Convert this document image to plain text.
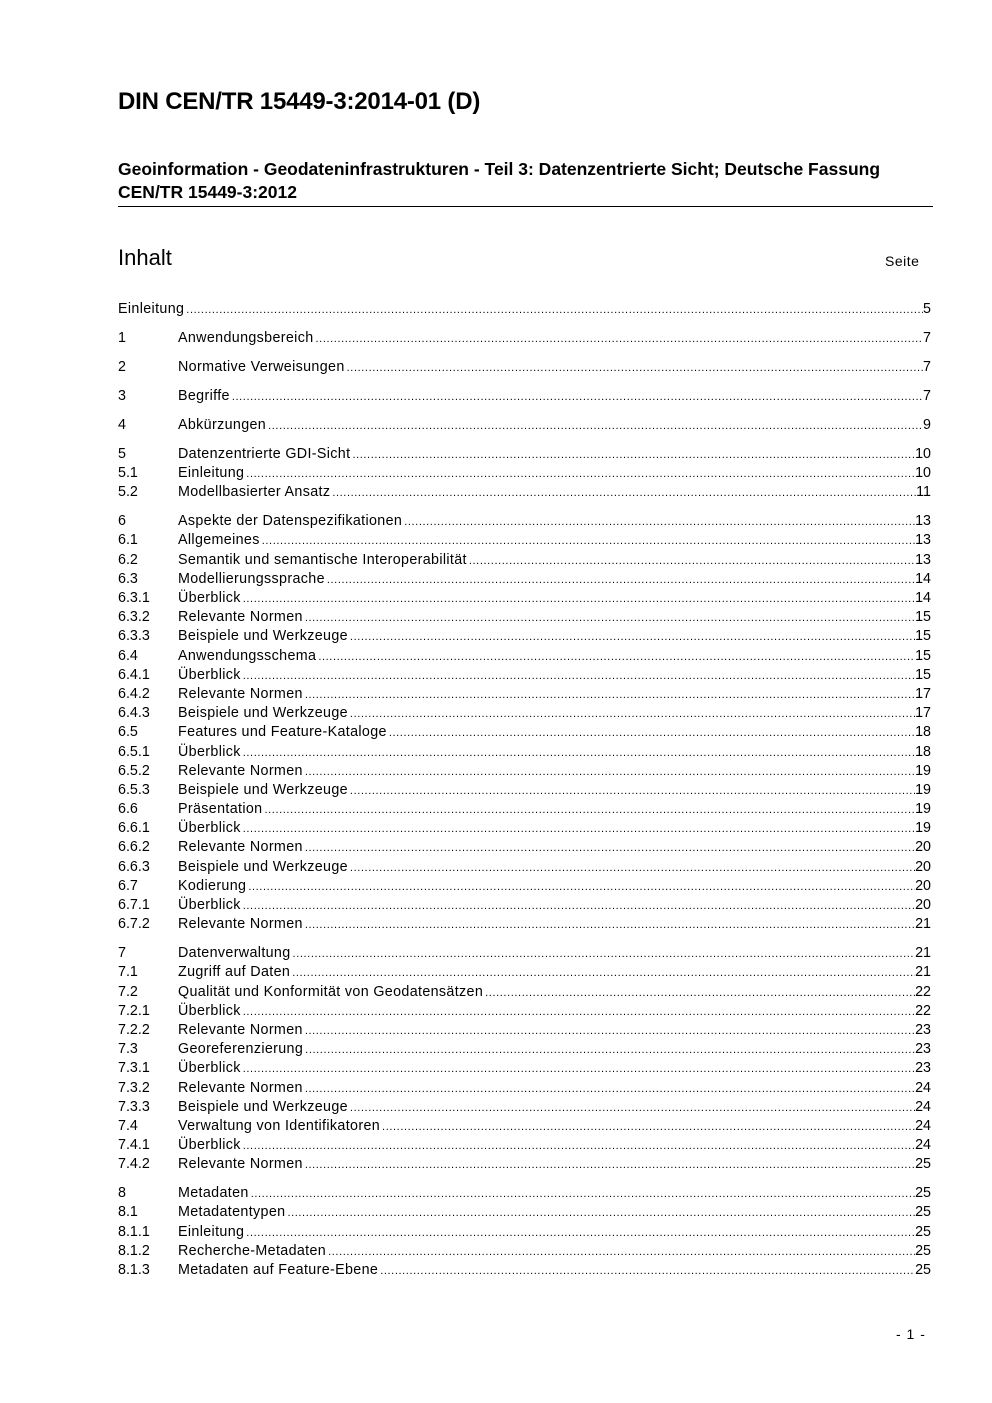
DIN CEN/TR 15449-3:2014-01 (D)
Geoinformation - Geodateninfrastrukturen - Teil 3: Datenzentrierte Sicht; Deutsche Fassung CEN/TR 15449-3:2012
Inhalt	Seite
Einleitung .....	5
1	Anwendungsbereich .....	7
2	Normative Verweisungen .....	7
3	Begriffe .....	7
4	Abkürzungen .....	9
5	Datenzentrierte GDI-Sicht .....	10
5.1	Einleitung .....	10
5.2	Modellbasierter Ansatz .....	11
6	Aspekte der Datenspezifikationen .....	13
6.1	Allgemeines .....	13
6.2	Semantik und semantische Interoperabilität .....	13
6.3	Modellierungssprache .....	14
6.3.1	Überblick .....	14
6.3.2	Relevante Normen .....	15
6.3.3	Beispiele und Werkzeuge .....	15
6.4	Anwendungsschema .....	15
6.4.1	Überblick .....	15
6.4.2	Relevante Normen .....	17
6.4.3	Beispiele und Werkzeuge .....	17
6.5	Features und Feature-Kataloge .....	18
6.5.1	Überblick .....	18
6.5.2	Relevante Normen .....	19
6.5.3	Beispiele und Werkzeuge .....	19
6.6	Präsentation .....	19
6.6.1	Überblick .....	19
6.6.2	Relevante Normen .....	20
6.6.3	Beispiele und Werkzeuge .....	20
6.7	Kodierung .....	20
6.7.1	Überblick .....	20
6.7.2	Relevante Normen .....	21
7	Datenverwaltung .....	21
7.1	Zugriff auf Daten .....	21
7.2	Qualität und Konformität von Geodatensätzen .....	22
7.2.1	Überblick .....	22
7.2.2	Relevante Normen .....	23
7.3	Georeferenzierung .....	23
7.3.1	Überblick .....	23
7.3.2	Relevante Normen .....	24
7.3.3	Beispiele und Werkzeuge .....	24
7.4	Verwaltung von Identifikatoren .....	24
7.4.1	Überblick .....	24
7.4.2	Relevante Normen .....	25
8	Metadaten .....	25
8.1	Metadatentypen .....	25
8.1.1	Einleitung .....	25
8.1.2	Recherche-Metadaten .....	25
8.1.3	Metadaten auf Feature-Ebene .....	25
- 1 -
